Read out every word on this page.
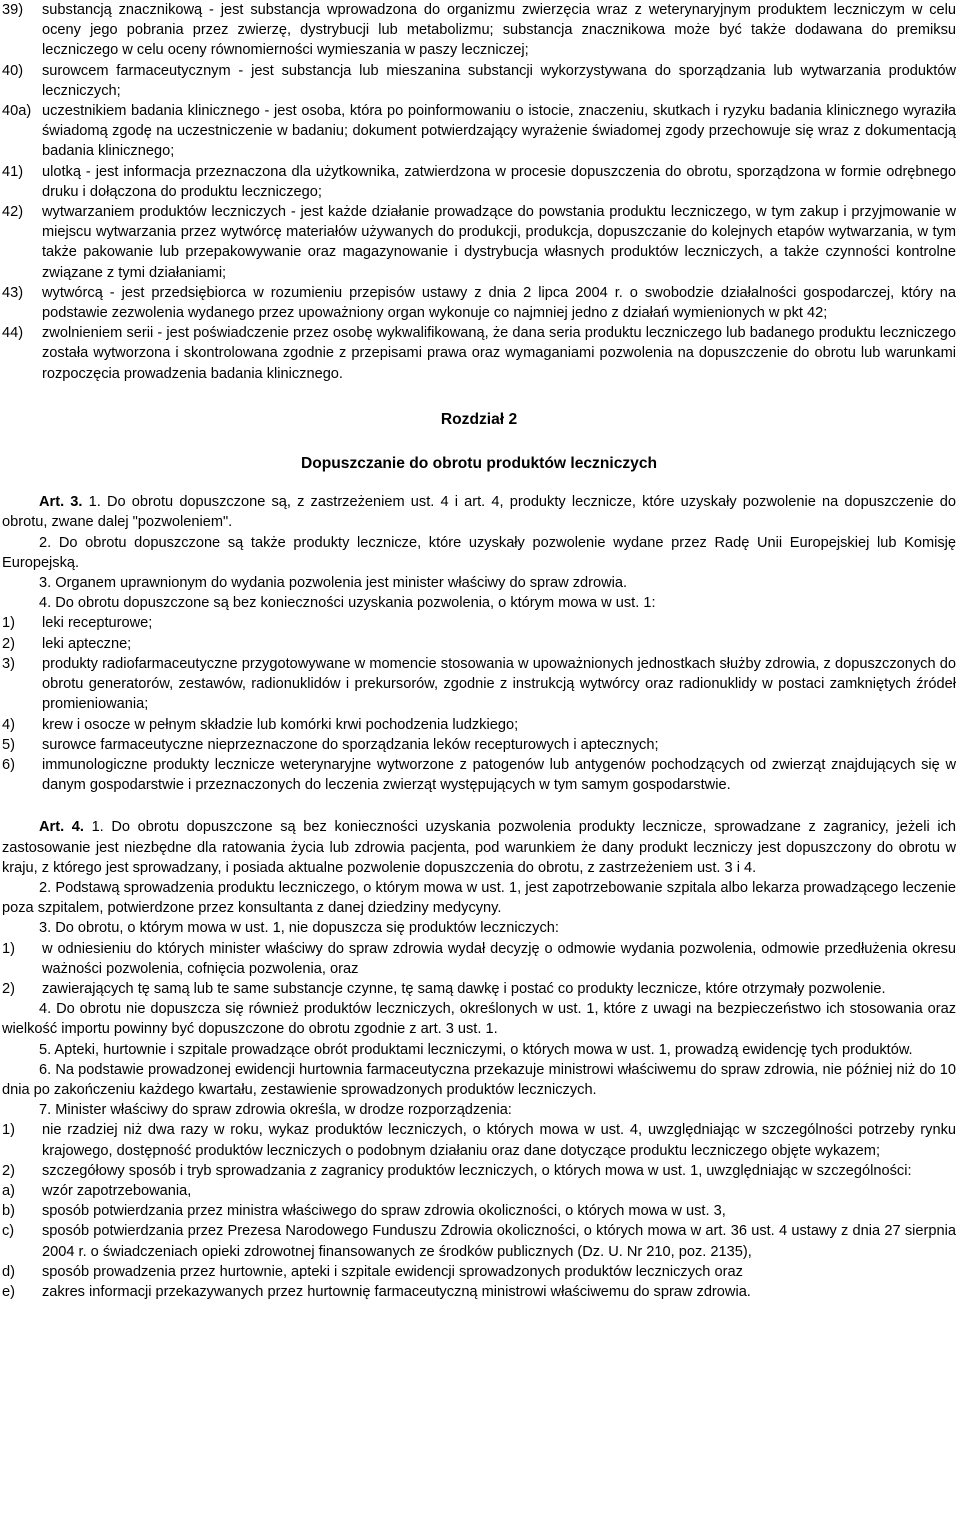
39) substancją znacznikową - jest substancja wprowadzona do organizmu zwierzęcia wraz z weterynaryjnym produktem leczniczym w celu oceny jego pobrania przez zwierzę, dystrybucji lub metabolizmu; substancja znacznikowa może być także dodawana do premiksu leczniczego w celu oceny równomierności wymieszania w paszy leczniczej;
40) surowcem farmaceutycznym - jest substancja lub mieszanina substancji wykorzystywana do sporządzania lub wytwarzania produktów leczniczych;
40a) uczestnikiem badania klinicznego - jest osoba, która po poinformowaniu o istocie, znaczeniu, skutkach i ryzyku badania klinicznego wyraziła świadomą zgodę na uczestniczenie w badaniu; dokument potwierdzający wyrażenie świadomej zgody przechowuje się wraz z dokumentacją badania klinicznego;
41) ulotką - jest informacja przeznaczona dla użytkownika, zatwierdzona w procesie dopuszczenia do obrotu, sporządzona w formie odrębnego druku i dołączona do produktu leczniczego;
42) wytwarzaniem produktów leczniczych - jest każde działanie prowadzące do powstania produktu leczniczego, w tym zakup i przyjmowanie w miejscu wytwarzania przez wytwórcę materiałów używanych do produkcji, produkcja, dopuszczanie do kolejnych etapów wytwarzania, w tym także pakowanie lub przepakowywanie oraz magazynowanie i dystrybucja własnych produktów leczniczych, a także czynności kontrolne związane z tymi działaniami;
43) wytwórcą - jest przedsiębiorca w rozumieniu przepisów ustawy z dnia 2 lipca 2004 r. o swobodzie działalności gospodarczej, który na podstawie zezwolenia wydanego przez upoważniony organ wykonuje co najmniej jedno z działań wymienionych w pkt 42;
44) zwolnieniem serii - jest poświadczenie przez osobę wykwalifikowaną, że dana seria produktu leczniczego lub badanego produktu leczniczego została wytworzona i skontrolowana zgodnie z przepisami prawa oraz wymaganiami pozwolenia na dopuszczenie do obrotu lub warunkami rozpoczęcia prowadzenia badania klinicznego.
Rozdział 2
Dopuszczanie do obrotu produktów leczniczych
Art. 3. 1. Do obrotu dopuszczone są, z zastrzeżeniem ust. 4 i art. 4, produkty lecznicze, które uzyskały pozwolenie na dopuszczenie do obrotu, zwane dalej "pozwoleniem".
2. Do obrotu dopuszczone są także produkty lecznicze, które uzyskały pozwolenie wydane przez Radę Unii Europejskiej lub Komisję Europejską.
3. Organem uprawnionym do wydania pozwolenia jest minister właściwy do spraw zdrowia.
4. Do obrotu dopuszczone są bez konieczności uzyskania pozwolenia, o którym mowa w ust. 1:
1) leki recepturowe;
2) leki apteczne;
3) produkty radiofarmaceutyczne przygotowywane w momencie stosowania w upoważnionych jednostkach służby zdrowia, z dopuszczonych do obrotu generatorów, zestawów, radionuklidów i prekursorów, zgodnie z instrukcją wytwórcy oraz radionuklidy w postaci zamkniętych źródeł promieniowania;
4) krew i osocze w pełnym składzie lub komórki krwi pochodzenia ludzkiego;
5) surowce farmaceutyczne nieprzeznaczone do sporządzania leków recepturowych i aptecznych;
6) immunologiczne produkty lecznicze weterynaryjne wytworzone z patogenów lub antygenów pochodzących od zwierząt znajdujących się w danym gospodarstwie i przeznaczonych do leczenia zwierząt występujących w tym samym gospodarstwie.
Art. 4. 1. Do obrotu dopuszczone są bez konieczności uzyskania pozwolenia produkty lecznicze, sprowadzane z zagranicy, jeżeli ich zastosowanie jest niezbędne dla ratowania życia lub zdrowia pacjenta, pod warunkiem że dany produkt leczniczy jest dopuszczony do obrotu w kraju, z którego jest sprowadzany, i posiada aktualne pozwolenie dopuszczenia do obrotu, z zastrzeżeniem ust. 3 i 4.
2. Podstawą sprowadzenia produktu leczniczego, o którym mowa w ust. 1, jest zapotrzebowanie szpitala albo lekarza prowadzącego leczenie poza szpitalem, potwierdzone przez konsultanta z danej dziedziny medycyny.
3. Do obrotu, o którym mowa w ust. 1, nie dopuszcza się produktów leczniczych:
1) w odniesieniu do których minister właściwy do spraw zdrowia wydał decyzję o odmowie wydania pozwolenia, odmowie przedłużenia okresu ważności pozwolenia, cofnięcia pozwolenia, oraz
2) zawierających tę samą lub te same substancje czynne, tę samą dawkę i postać co produkty lecznicze, które otrzymały pozwolenie.
4. Do obrotu nie dopuszcza się również produktów leczniczych, określonych w ust. 1, które z uwagi na bezpieczeństwo ich stosowania oraz wielkość importu powinny być dopuszczone do obrotu zgodnie z art. 3 ust. 1.
5. Apteki, hurtownie i szpitale prowadzące obrót produktami leczniczymi, o których mowa w ust. 1, prowadzą ewidencję tych produktów.
6. Na podstawie prowadzonej ewidencji hurtownia farmaceutyczna przekazuje ministrowi właściwemu do spraw zdrowia, nie później niż do 10 dnia po zakończeniu każdego kwartału, zestawienie sprowadzonych produktów leczniczych.
7. Minister właściwy do spraw zdrowia określa, w drodze rozporządzenia:
1) nie rzadziej niż dwa razy w roku, wykaz produktów leczniczych, o których mowa w ust. 4, uwzględniając w szczególności potrzeby rynku krajowego, dostępność produktów leczniczych o podobnym działaniu oraz dane dotyczące produktu leczniczego objęte wykazem;
2) szczegółowy sposób i tryb sprowadzania z zagranicy produktów leczniczych, o których mowa w ust. 1, uwzględniając w szczególności:
a) wzór zapotrzebowania,
b) sposób potwierdzania przez ministra właściwego do spraw zdrowia okoliczności, o których mowa w ust. 3,
c) sposób potwierdzania przez Prezesa Narodowego Funduszu Zdrowia okoliczności, o których mowa w art. 36 ust. 4 ustawy z dnia 27 sierpnia 2004 r. o świadczeniach opieki zdrowotnej finansowanych ze środków publicznych (Dz. U. Nr 210, poz. 2135),
d) sposób prowadzenia przez hurtownie, apteki i szpitale ewidencji sprowadzonych produktów leczniczych oraz
e) zakres informacji przekazywanych przez hurtownię farmaceutyczną ministrowi właściwemu do spraw zdrowia.
